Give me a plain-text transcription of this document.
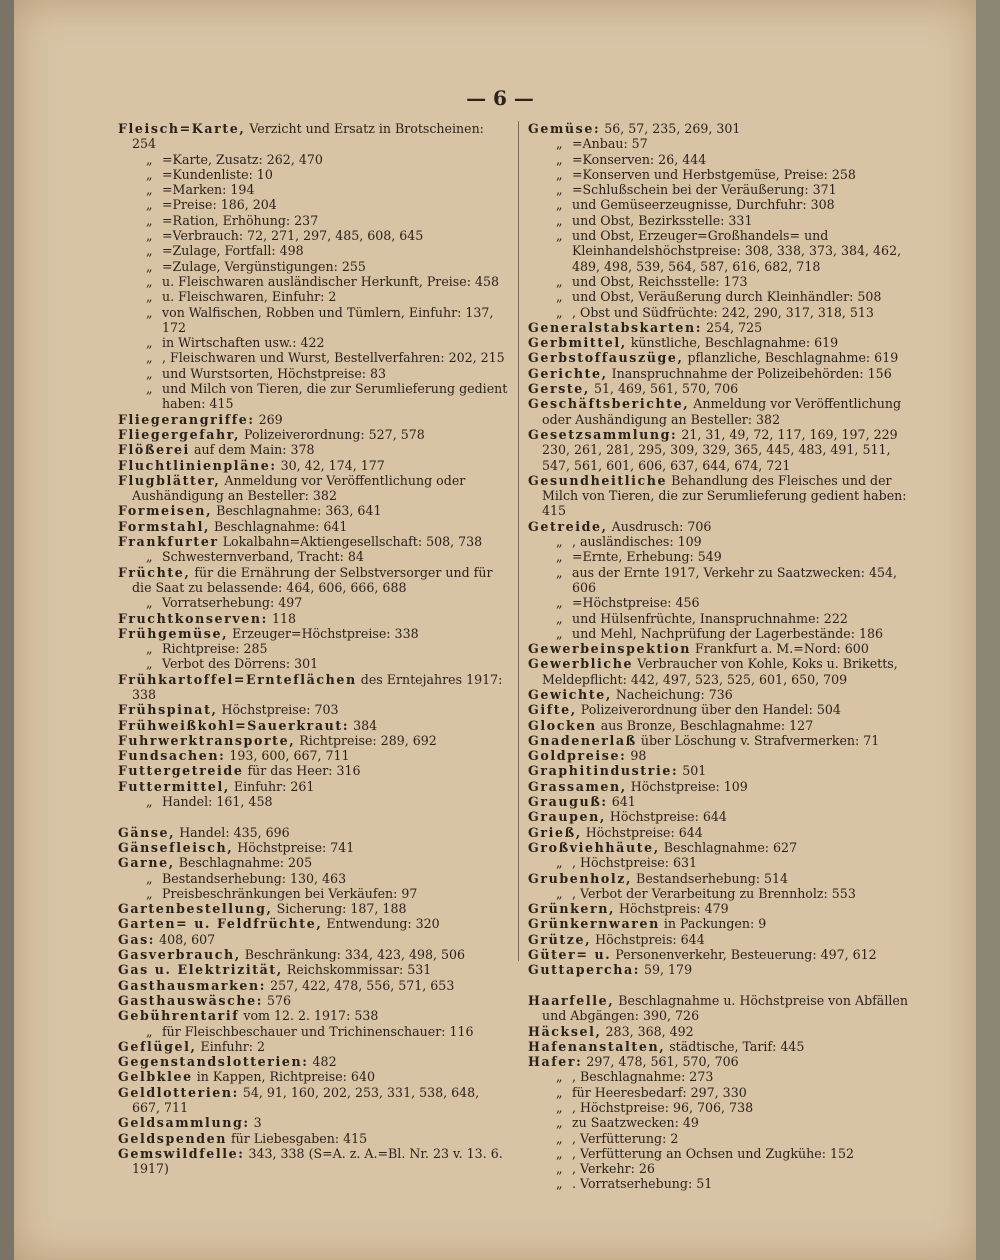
— 6 —
Fleisch=Karte, Verzicht und Ersatz in Brotscheinen: 254
„ =Karte, Zusatz: 262, 470
„ =Kundenliste: 10
„ =Marken: 194
„ =Preise: 186, 204
„ =Ration, Erhöhung: 237
„ =Verbrauch: 72, 271, 297, 485, 608, 645
„ =Zulage, Fortfall: 498
„ =Zulage, Vergünstigungen: 255
„ u. Fleischwaren ausländischer Herkunft, Preise: 458
„ u. Fleischwaren, Einfuhr: 2
„ von Walfischen, Robben und Tümlern, Einfuhr: 137, 172
„ in Wirtschaften usw.: 422
„ , Fleischwaren und Wurst, Bestellverfahren: 202, 215
„ und Wurstsorten, Höchstpreise: 83
„ und Milch von Tieren, die zur Serumlieferung gedient haben: 415
Fliegerangriffe: 269
Fliegergefahr, Polizeiverordnung: 527, 578
Flößerei auf dem Main: 378
Fluchtlinienpläne: 30, 42, 174, 177
Flugblätter, Anmeldung vor Veröffentlichung oder Aushändigung an Besteller: 382
Formeisen, Beschlagnahme: 363, 641
Formstahl, Beschlagnahme: 641
Frankfurter Lokalbahn=Aktiengesellschaft: 508, 738
„ Schwesternverband, Tracht: 84
Früchte, für die Ernährung der Selbstversorger und für die Saat zu belassende: 464, 606, 666, 688
„ Vorratserhebung: 497
Fruchtkonserven: 118
Frühgemüse, Erzeuger=Höchstpreise: 338
„ Richtpreise: 285
„ Verbot des Dörrens: 301
Frühkartoffel=Ernteflächen des Erntejahres 1917: 338
Frühspinat, Höchstpreise: 703
Frühweißkohl=Sauerkraut: 384
Fuhrwerktransporte, Richtpreise: 289, 692
Fundsachen: 193, 600, 667, 711
Futtergetreide für das Heer: 316
Futtermittel, Einfuhr: 261
„ Handel: 161, 458
Gänse, Handel: 435, 696
Gänsefleisch, Höchstpreise: 741
Garne, Beschlagnahme: 205
„ Bestandserhebung: 130, 463
„ Preisbeschränkungen bei Verkäufen: 97
Gartenbestellung, Sicherung: 187, 188
Garten= u. Feldfrüchte, Entwendung: 320
Gas: 408, 607
Gasverbrauch, Beschränkung: 334, 423, 498, 506
Gas u. Elektrizität, Reichskommissar: 531
Gasthausmarken: 257, 422, 478, 556, 571, 653
Gasthauswäsche: 576
Gebührentarif vom 12. 2. 1917: 538
„ für Fleischbeschauer und Trichinenschauer: 116
Geflügel, Einfuhr: 2
Gegenstandslotterien: 482
Gelbklee in Kappen, Richtpreise: 640
Geldlotterien: 54, 91, 160, 202, 253, 331, 538, 648, 667, 711
Geldsammlung: 3
Geldspenden für Liebesgaben: 415
Gemswildfelle: 343, 338 (S=A. z. A.=Bl. Nr. 23 v. 13. 6. 1917)
Gemüse: 56, 57, 235, 269, 301
„ =Anbau: 57
„ =Konserven: 26, 444
„ =Konserven und Herbstgemüse, Preise: 258
„ =Schlußschein bei der Veräußerung: 371
„ und Gemüseerzeugnisse, Durchfuhr: 308
„ und Obst, Bezirksstelle: 331
„ und Obst, Erzeuger=Großhandels= und Kleinhandelshöchstpreise: 308, 338, 373, 384, 462, 489, 498, 539, 564, 587, 616, 682, 718
„ und Obst, Reichsstelle: 173
„ und Obst, Veräußerung durch Kleinhändler: 508
„ , Obst und Südfrüchte: 242, 290, 317, 318, 513
Generalstabskarten: 254, 725
Gerbmittel, künstliche, Beschlagnahme: 619
Gerbstoffauszüge, pflanzliche, Beschlagnahme: 619
Gerichte, Inanspruchnahme der Polizeibehörden: 156
Gerste, 51, 469, 561, 570, 706
Geschäftsberichte, Anmeldung vor Veröffentlichung oder Aushändigung an Besteller: 382
Gesetzsammlung: 21, 31, 49, 72, 117, 169, 197, 229 230, 261, 281, 295, 309, 329, 365, 445, 483, 491, 511, 547, 561, 601, 606, 637, 644, 674, 721
Gesundheitliche Behandlung des Fleisches und der Milch von Tieren, die zur Serumlieferung gedient haben: 415
Getreide, Ausdrusch: 706
„ , ausländisches: 109
„ =Ernte, Erhebung: 549
„ aus der Ernte 1917, Verkehr zu Saatzwecken: 454, 606
„ =Höchstpreise: 456
„ und Hülsenfrüchte, Inanspruchnahme: 222
„ und Mehl, Nachprüfung der Lagerbestände: 186
Gewerbeinspektion Frankfurt a. M.=Nord: 600
Gewerbliche Verbraucher von Kohle, Koks u. Briketts, Meldepflicht: 442, 497, 523, 525, 601, 650, 709
Gewichte, Nacheichung: 736
Gifte, Polizeiverordnung über den Handel: 504
Glocken aus Bronze, Beschlagnahme: 127
Gnadenerlaß über Löschung v. Strafvermerken: 71
Goldpreise: 98
Graphitindustrie: 501
Grassamen, Höchstpreise: 109
Grauguß: 641
Graupen, Höchstpreise: 644
Grieß, Höchstpreise: 644
Großviehhäute, Beschlagnahme: 627
„ , Höchstpreise: 631
Grubenholz, Bestandserhebung: 514
„ , Verbot der Verarbeitung zu Brennholz: 553
Grünkern, Höchstpreis: 479
Grünkernwaren in Packungen: 9
Grütze, Höchstpreis: 644
Güter= u. Personenverkehr, Besteuerung: 497, 612
Guttapercha: 59, 179
Haarfelle, Beschlagnahme u. Höchstpreise von Abfällen und Abgängen: 390, 726
Häcksel, 283, 368, 492
Hafenanstalten, städtische, Tarif: 445
Hafer: 297, 478, 561, 570, 706
„ , Beschlagnahme: 273
„ für Heeresbedarf: 297, 330
„ , Höchstpreise: 96, 706, 738
„ zu Saatzwecken: 49
„ , Verfütterung: 2
„ , Verfütterung an Ochsen und Zugkühe: 152
„ , Verkehr: 26
„ . Vorratserhebung: 51
